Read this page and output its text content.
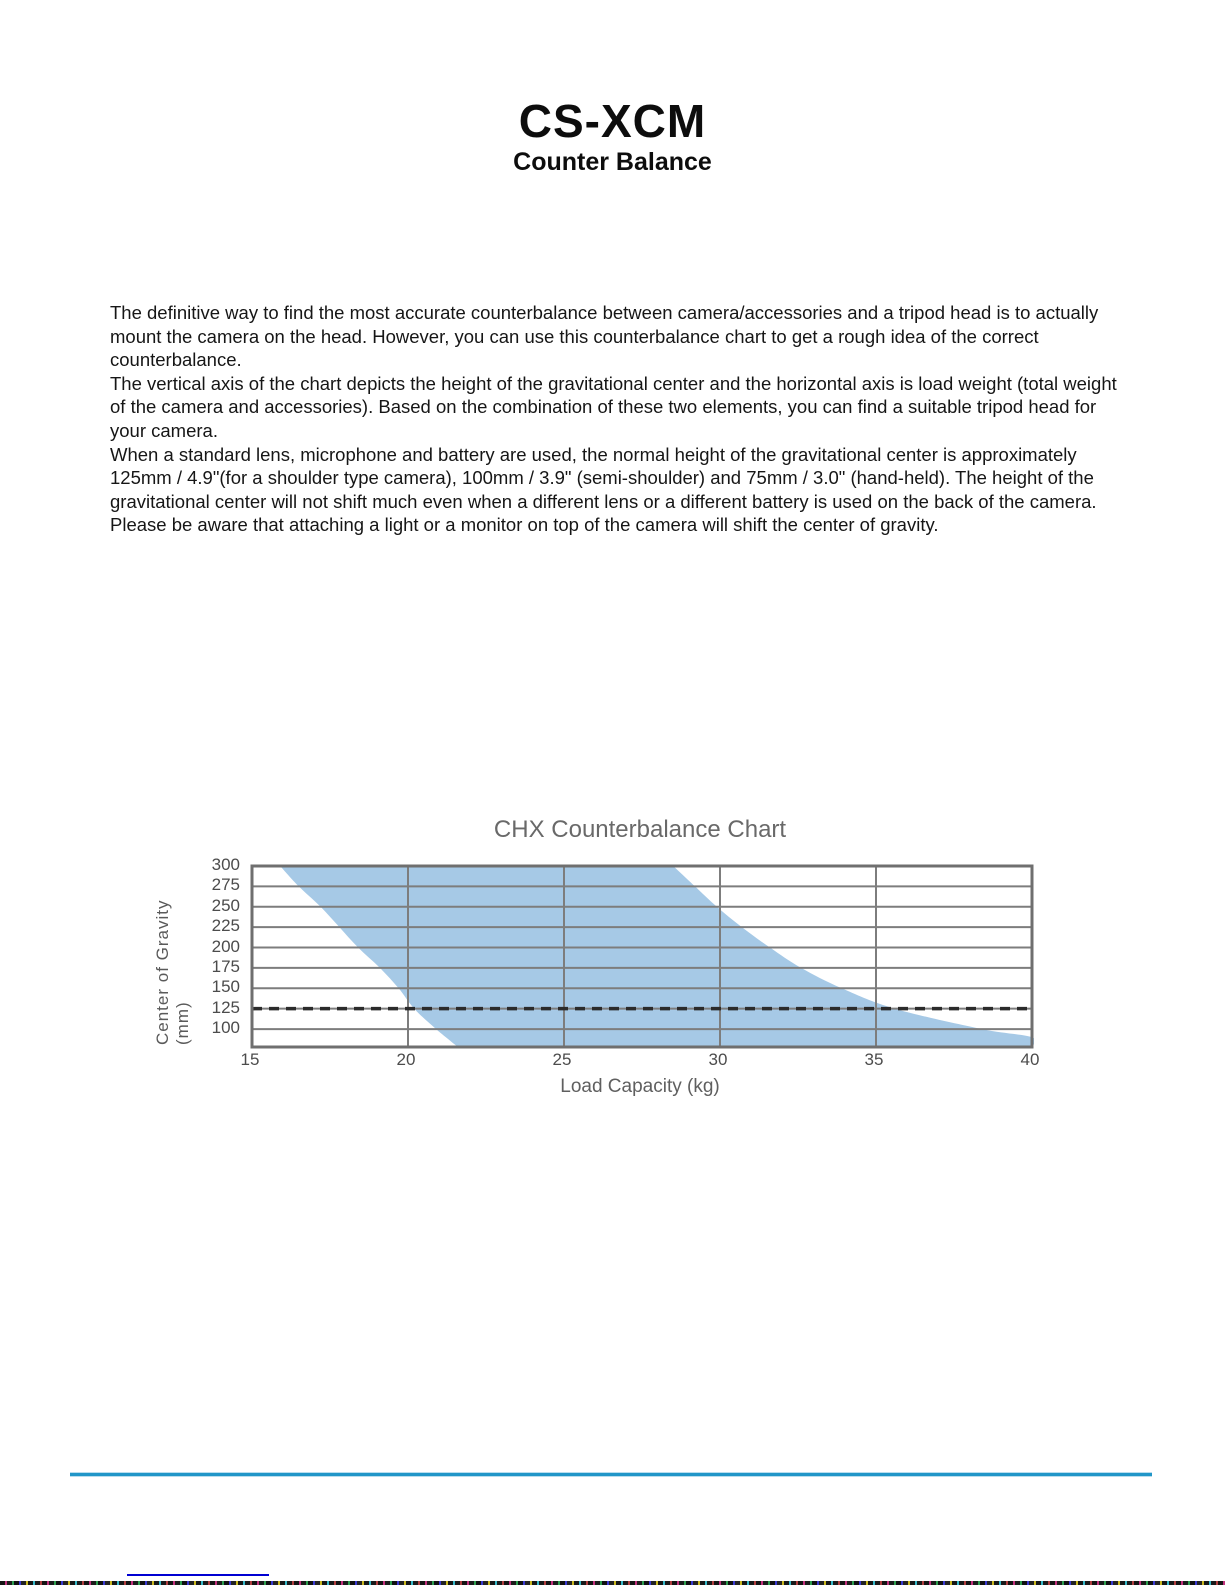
CS-XCM
Counter Balance

The definitive way to find the most accurate counterbalance between camera/accessories and a tripod head is to actually mount the camera on the head. However, you can use this counterbalance chart to get a rough idea of the correct counterbalance.

The vertical axis of the chart depicts the height of the gravitational center and the horizontal axis is load weight (total weight of the camera and accessories). Based on the combination of these two elements, you can find a suitable tripod head for your camera.

When a standard lens, microphone and battery are used, the normal height of the gravitational center is approximately 125mm / 4.9"(for a shoulder type camera), 100mm / 3.9" (semi-shoulder) and 75mm / 3.0" (hand-held). The height of the gravitational center will not shift much even when a different lens or a different battery is used on the back of the camera. Please be aware that attaching a light or a monitor on top of the camera will shift the center of gravity.

CHX Counterbalance Chart
Center of Gravity (mm)
300
275
250
225
200
175
150
125
100
15	20	25	30	35	40
Load Capacity (kg)
